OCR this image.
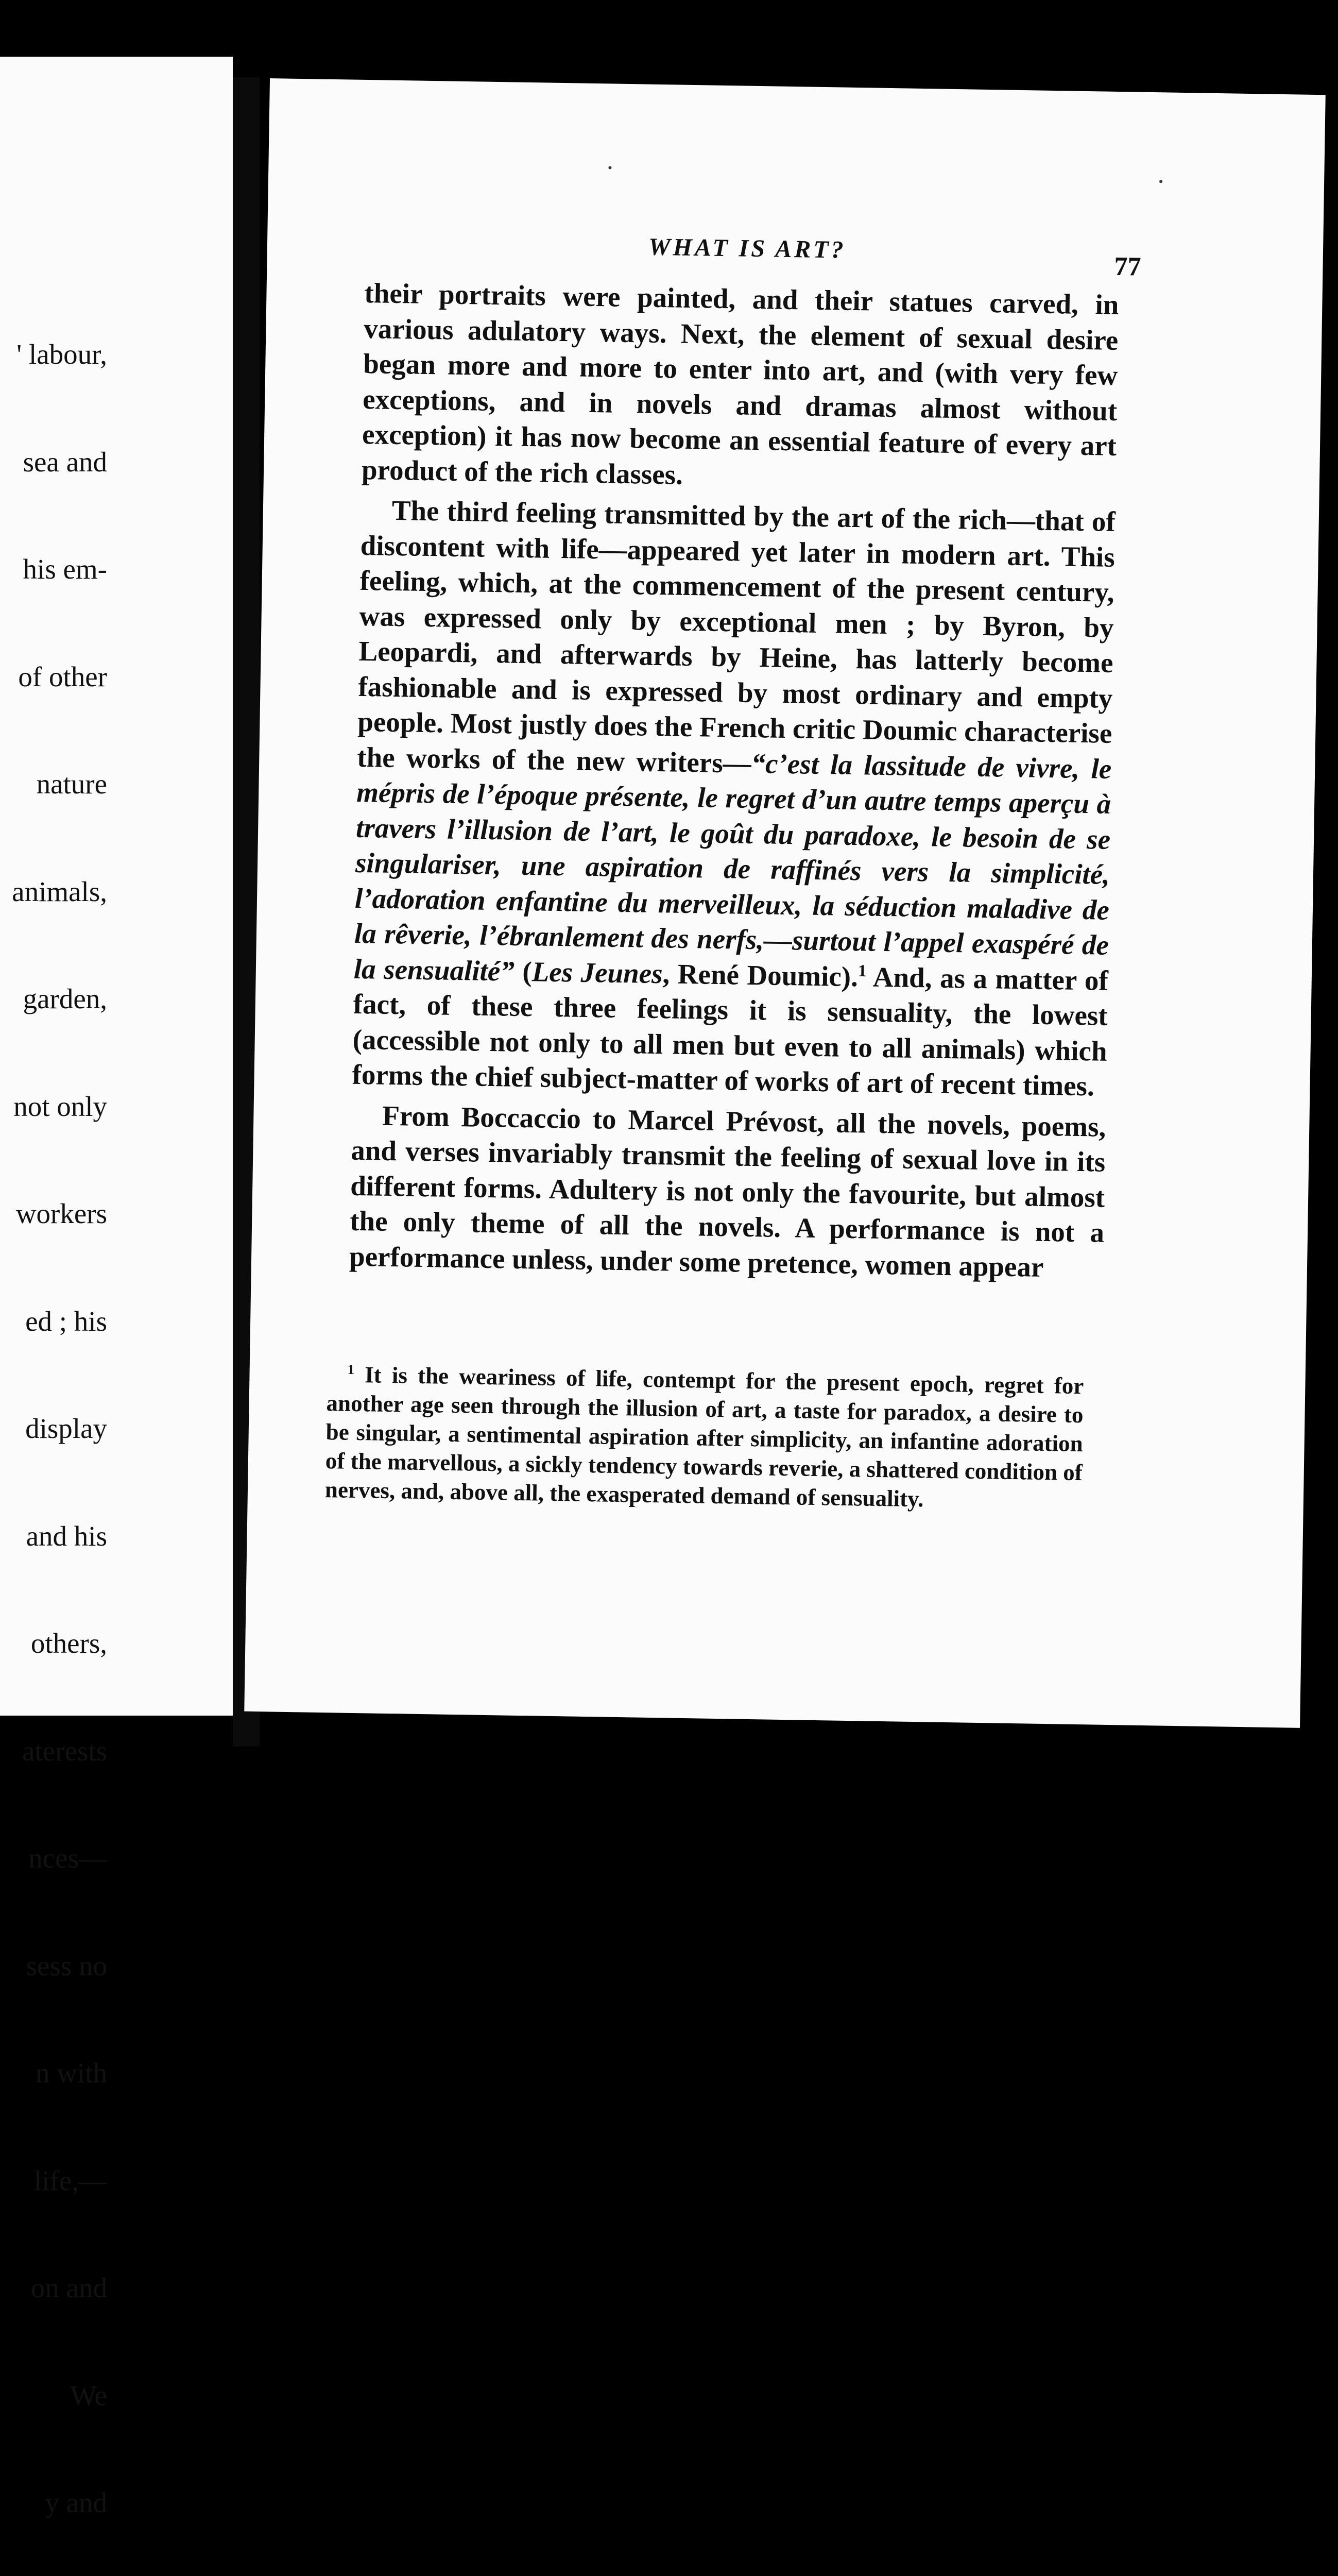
' labour,

sea and

his em-

of other

nature

animals,

garden,

not only

workers

ed ; his

display

and his

others,

aterests

nces—

sess no

n with

life,—

on and

We

y and

WHAT IS ART?
77

their portraits were painted, and their statues carved, in various adulatory ways. Next, the element of sexual desire began more and more to enter into art, and (with very few exceptions, and in novels and dramas almost without exception) it has now become an essential feature of every art product of the rich classes.

The third feeling transmitted by the art of the rich—that of discontent with life—appeared yet later in modern art. This feeling, which, at the commencement of the present century, was expressed only by exceptional men ; by Byron, by Leopardi, and afterwards by Heine, has latterly become fashionable and is expressed by most ordinary and empty people. Most justly does the French critic Doumic characterise the works of the new writers—“c’est la lassitude de vivre, le mépris de l’époque présente, le regret d’un autre temps aperçu à travers l’illusion de l’art, le goût du paradoxe, le besoin de se singulariser, une aspiration de raffinés vers la simplicité, l’adoration enfantine du merveilleux, la séduction maladive de la rêverie, l’ébranlement des nerfs,—surtout l’appel exaspéré de la sensualité” (Les Jeunes, René Doumic).$^1$ And, as a matter of fact, of these three feelings it is sensuality, the lowest (accessible not only to all men but even to all animals) which forms the chief subject-matter of works of art of recent times.

From Boccaccio to Marcel Prévost, all the novels, poems, and verses invariably transmit the feeling of sexual love in its different forms. Adultery is not only the favourite, but almost the only theme of all the novels. A performance is not a performance unless, under some pretence, women appear

$^1$ It is the weariness of life, contempt for the present epoch, regret for another age seen through the illusion of art, a taste for paradox, a desire to be singular, a sentimental aspiration after simplicity, an infantine adoration of the marvellous, a sickly tendency towards reverie, a shattered condition of nerves, and, above all, the exasperated demand of sensuality.
